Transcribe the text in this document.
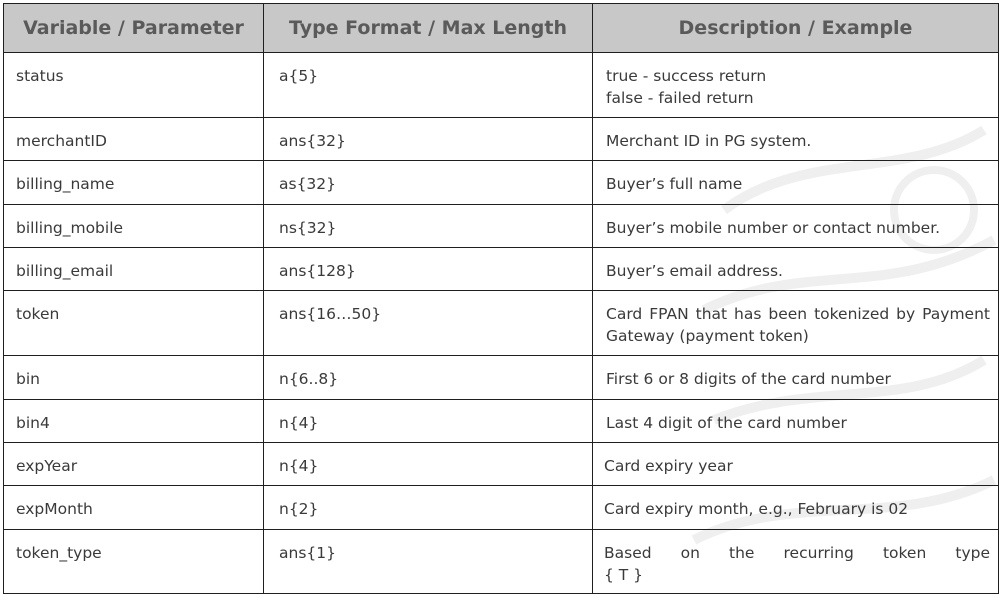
Variable / Parameter	Type Format / Max Length	Description / Example
status	a{5}	true - success return
false - failed return

merchantID	ans{32}	Merchant ID in PG system.
billing_name	as{32}	Buyer’s full name
billing_mobile	ns{32}	Buyer’s mobile number or contact number.
billing_email	ans{128}	Buyer’s email address.
token	ans{16…50}	Card FPAN that has been tokenized by Payment Gateway (payment token)
bin	n{6..8}	First 6 or 8 digits of the card number
bin4	n{4}	Last 4 digit of the card number
expYear	n{4}	Card expiry year
expMonth	n{2}	Card expiry month, e.g., February is 02
token_type	ans{1}	Based on the recurring token type
{ T }
